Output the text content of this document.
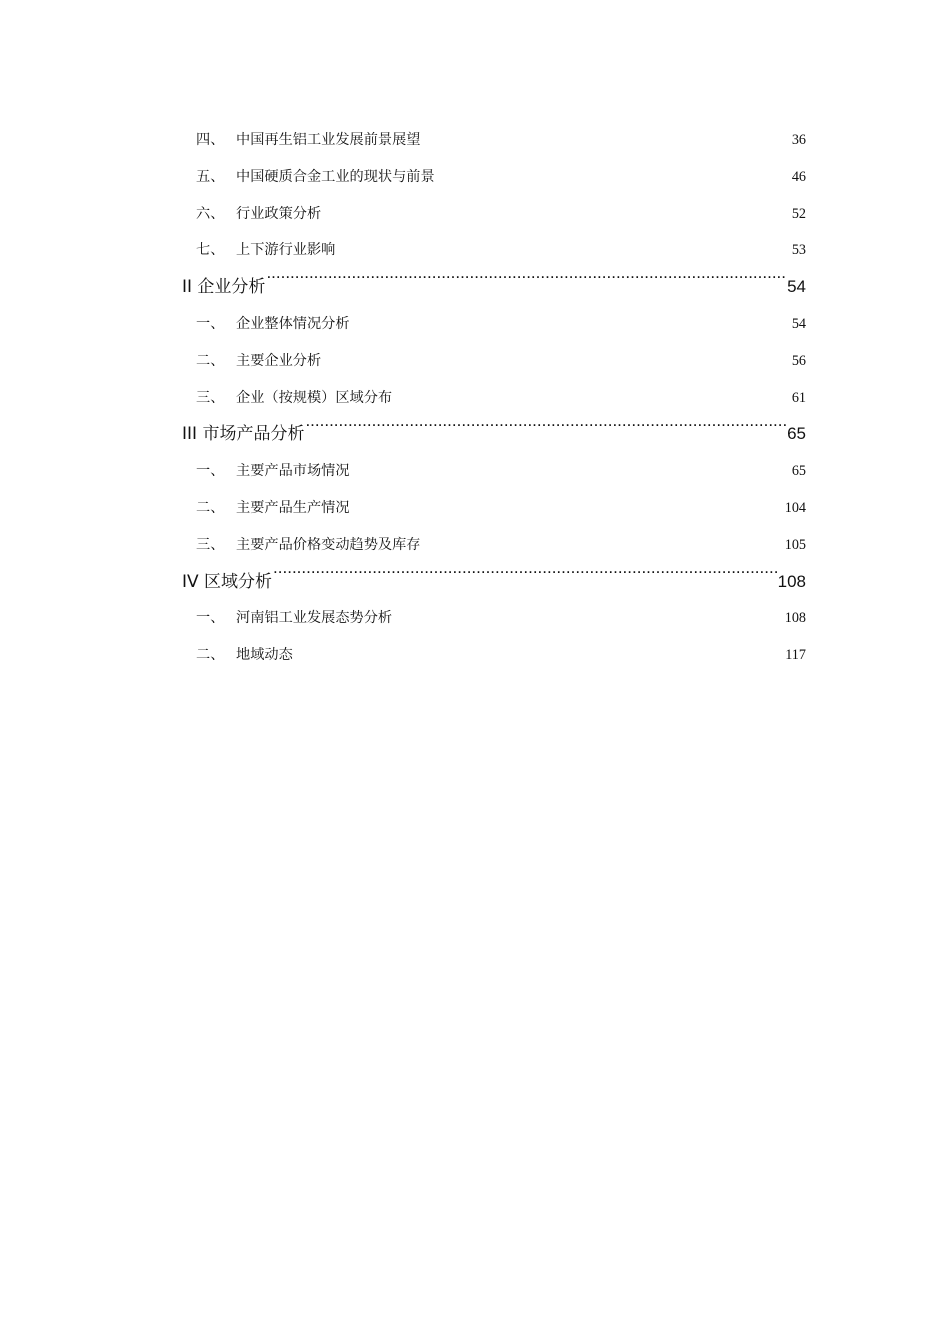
四、 中国再生铝工业发展前景展望 .....	36
五、 中国硬质合金工业的现状与前景 .....	46
六、 行业政策分析 .....	52
七、 上下游行业影响 .....	53
II 企业分析 .....	54
一、 企业整体情况分析 .....	54
二、 主要企业分析 .....	56
三、 企业（按规模）区域分布 .....	61
III 市场产品分析 .....	65
一、 主要产品市场情况 .....	65
二、 主要产品生产情况 .....	104
三、 主要产品价格变动趋势及库存 .....	105
IV 区域分析 .....	108
一、 河南铝工业发展态势分析 .....	108
二、 地域动态 .....	117
